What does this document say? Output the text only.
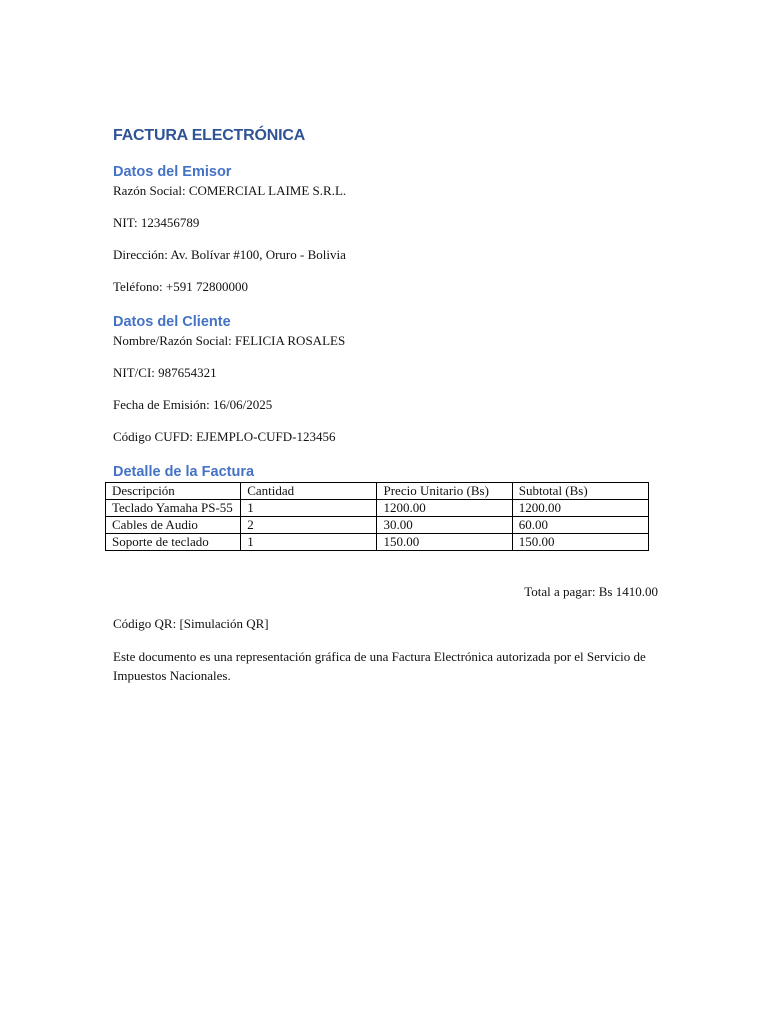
FACTURA ELECTRÓNICA
Datos del Emisor

Razón Social: COMERCIAL LAIME S.R.L.

NIT: 123456789

Dirección: Av. Bolívar #100, Oruro - Bolivia

Teléfono: +591 72800000

Datos del Cliente

Nombre/Razón Social: FELICIA ROSALES

NIT/CI: 987654321

Fecha de Emisión: 16/06/2025

Código CUFD: EJEMPLO-CUFD-123456

Detalle de la Factura
Descripción	Cantidad	Precio Unitario (Bs)	Subtotal (Bs)
Teclado Yamaha PS-55	1	1200.00	1200.00
Cables de Audio	2	30.00	60.00
Soporte de teclado	1	150.00	150.00

Total a pagar: Bs 1410.00

Código QR: [Simulación QR]

Este documento es una representación gráfica de una Factura Electrónica autorizada por el Servicio de Impuestos Nacionales.
